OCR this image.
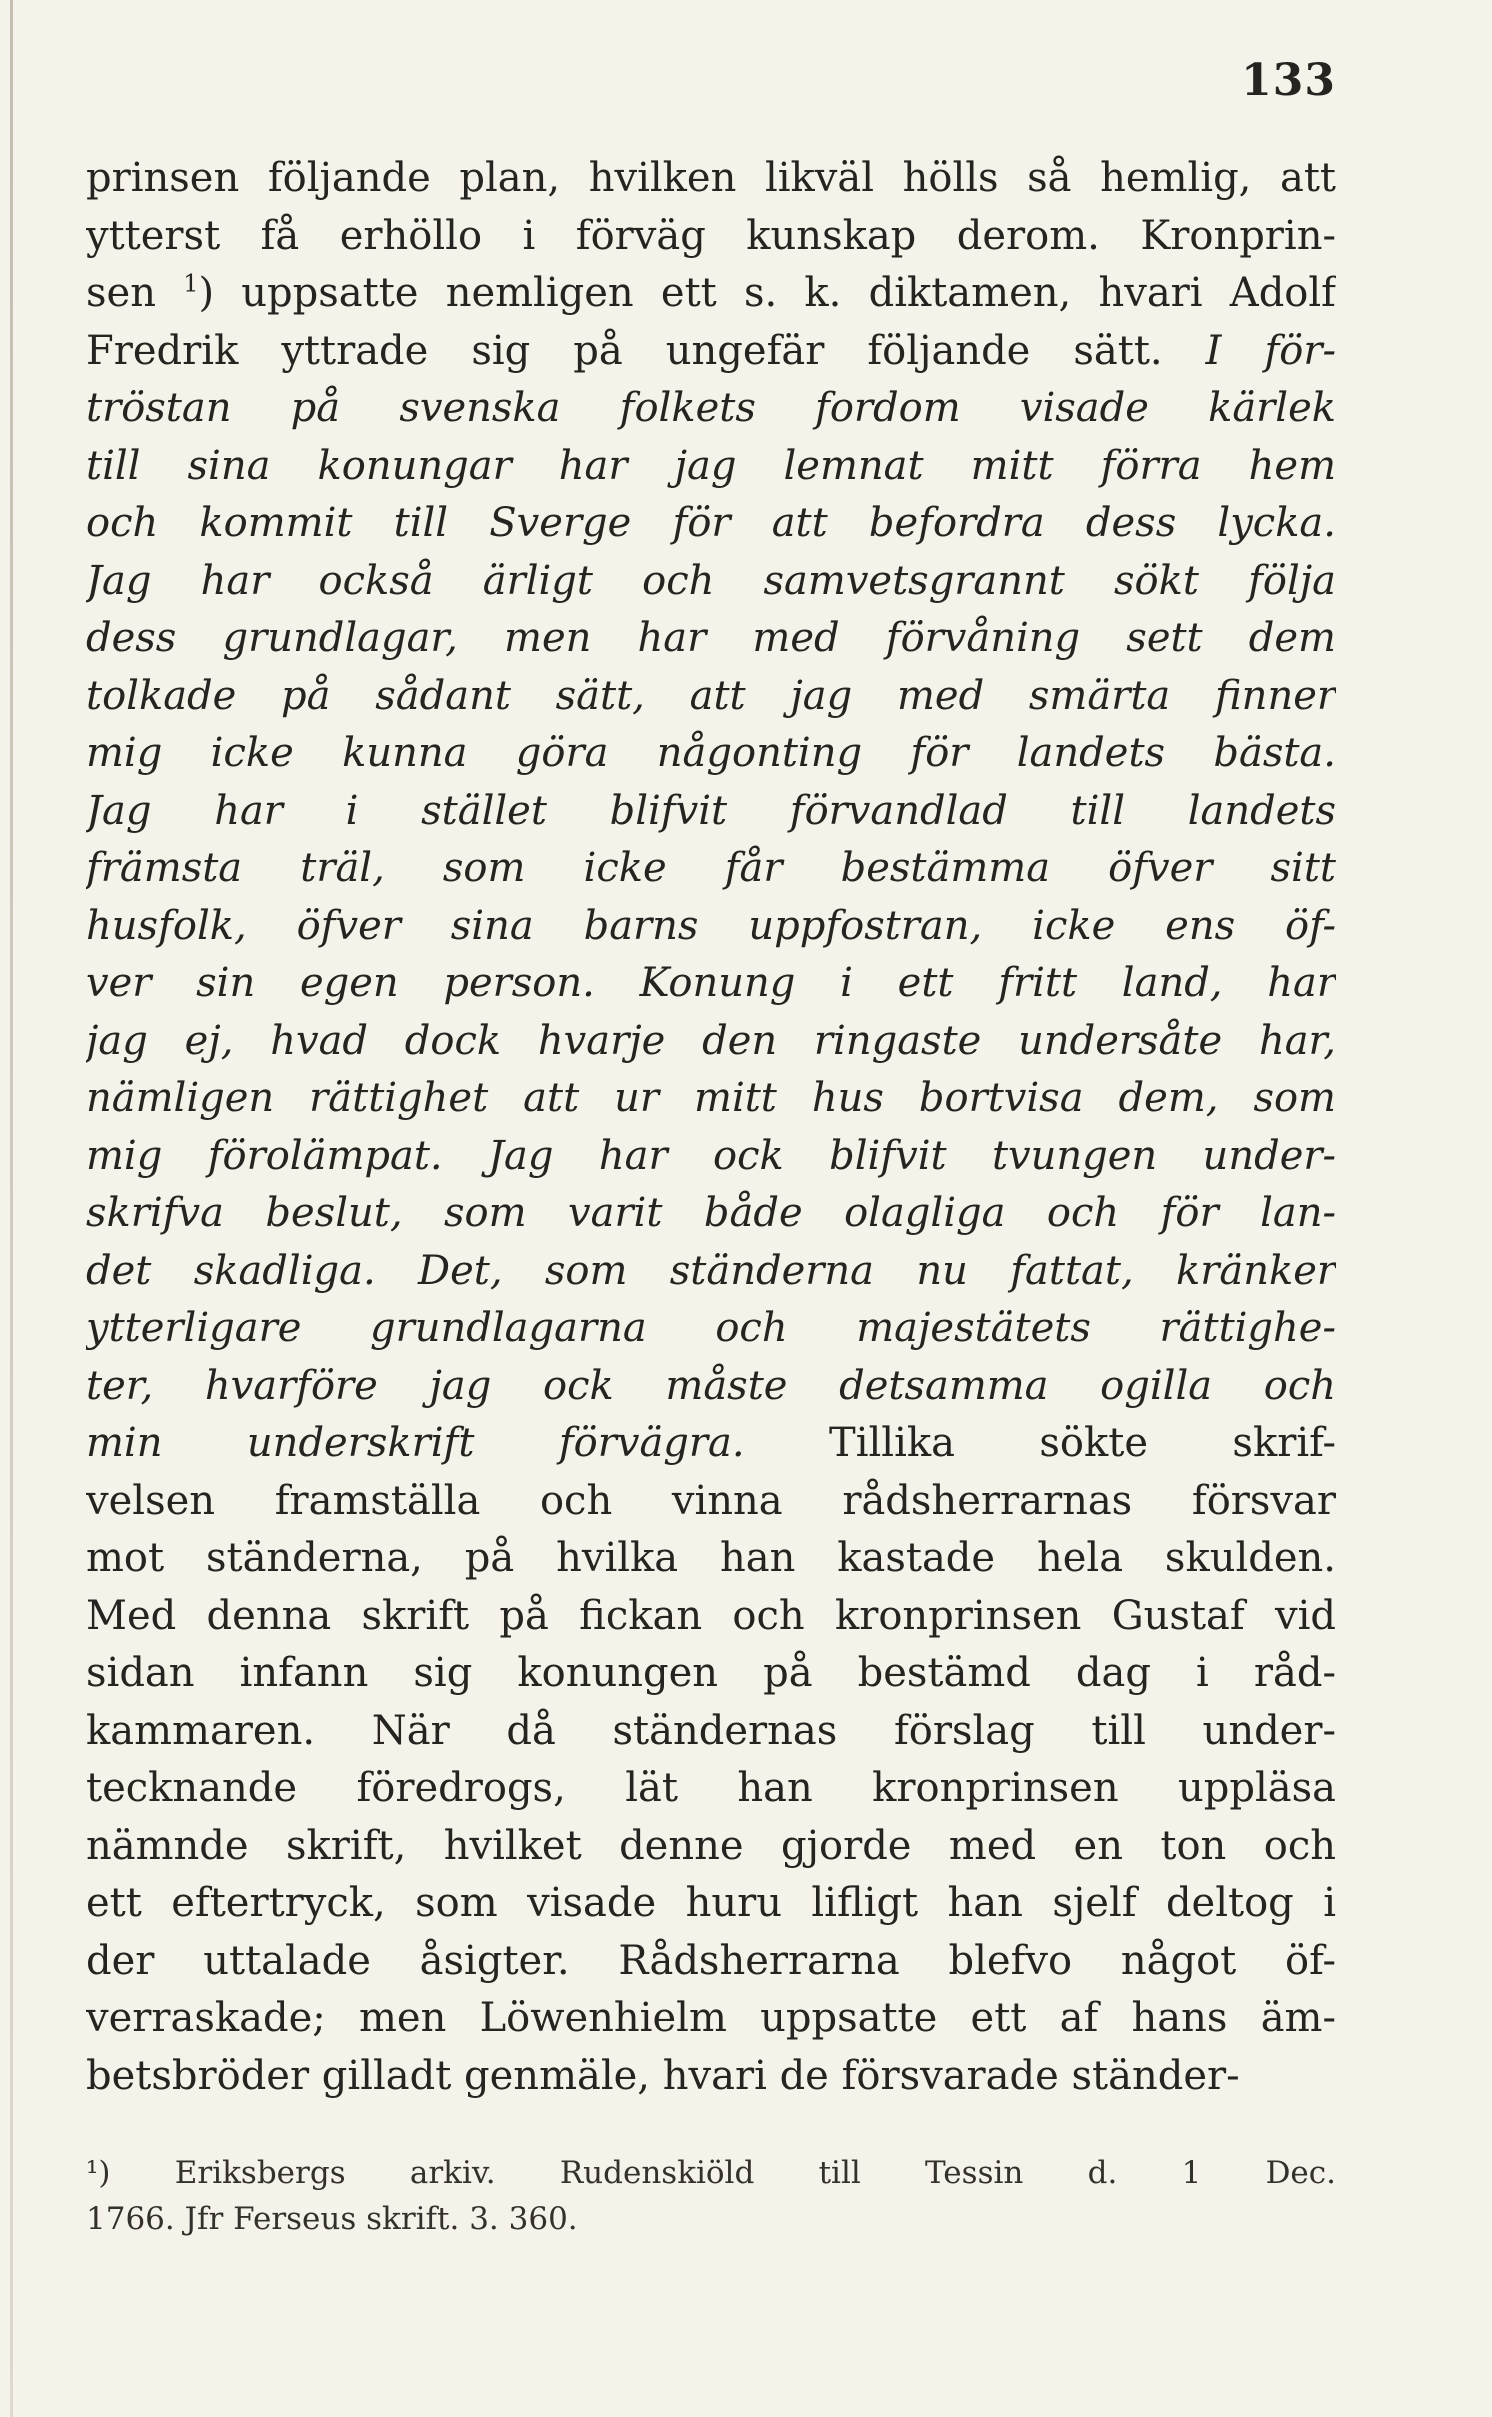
133
prinsen följande plan, hvilken likväl hölls så hemlig, att
ytterst få erhöllo i förväg kunskap derom. Kronprin-
sen $^1$) uppsatte nemligen ett s. k. diktamen, hvari Adolf
Fredrik yttrade sig på ungefär följande sätt. I för-
tröstan på svenska folkets fordom visade kärlek
till sina konungar har jag lemnat mitt förra hem
och kommit till Sverge för att befordra dess lycka.
Jag har också ärligt och samvetsgrannt sökt följa
dess grundlagar, men har med förvåning sett dem
tolkade på sådant sätt, att jag med smärta finner
mig icke kunna göra någonting för landets bästa.
Jag har i stället blifvit förvandlad till landets
främsta träl, som icke får bestämma öfver sitt
husfolk, öfver sina barns uppfostran, icke ens öf-
ver sin egen person. Konung i ett fritt land, har
jag ej, hvad dock hvarje den ringaste undersåte har,
nämligen rättighet att ur mitt hus bortvisa dem, som
mig förolämpat. Jag har ock blifvit tvungen under-
skrifva beslut, som varit både olagliga och för lan-
det skadliga. Det, som ständerna nu fattat, kränker
ytterligare grundlagarna och majestätets rättighe-
ter, hvarföre jag ock måste detsamma ogilla och
min underskrift förvägra. Tillika sökte skrif-
velsen framställa och vinna rådsherrarnas försvar
mot ständerna, på hvilka han kastade hela skulden.
Med denna skrift på fickan och kronprinsen Gustaf vid
sidan infann sig konungen på bestämd dag i råd-
kammaren. När då ständernas förslag till under-
tecknande föredrogs, lät han kronprinsen uppläsa
nämnde skrift, hvilket denne gjorde med en ton och
ett eftertryck, som visade huru lifligt han sjelf deltog i
der uttalade åsigter. Rådsherrarna blefvo något öf-
verraskade; men Löwenhielm uppsatte ett af hans äm-
betsbröder gilladt genmäle, hvari de försvarade ständer-
¹) Eriksbergs arkiv. Rudenskiöld till Tessin d. 1 Dec.
1766. Jfr Ferseus skrift. 3. 360.
